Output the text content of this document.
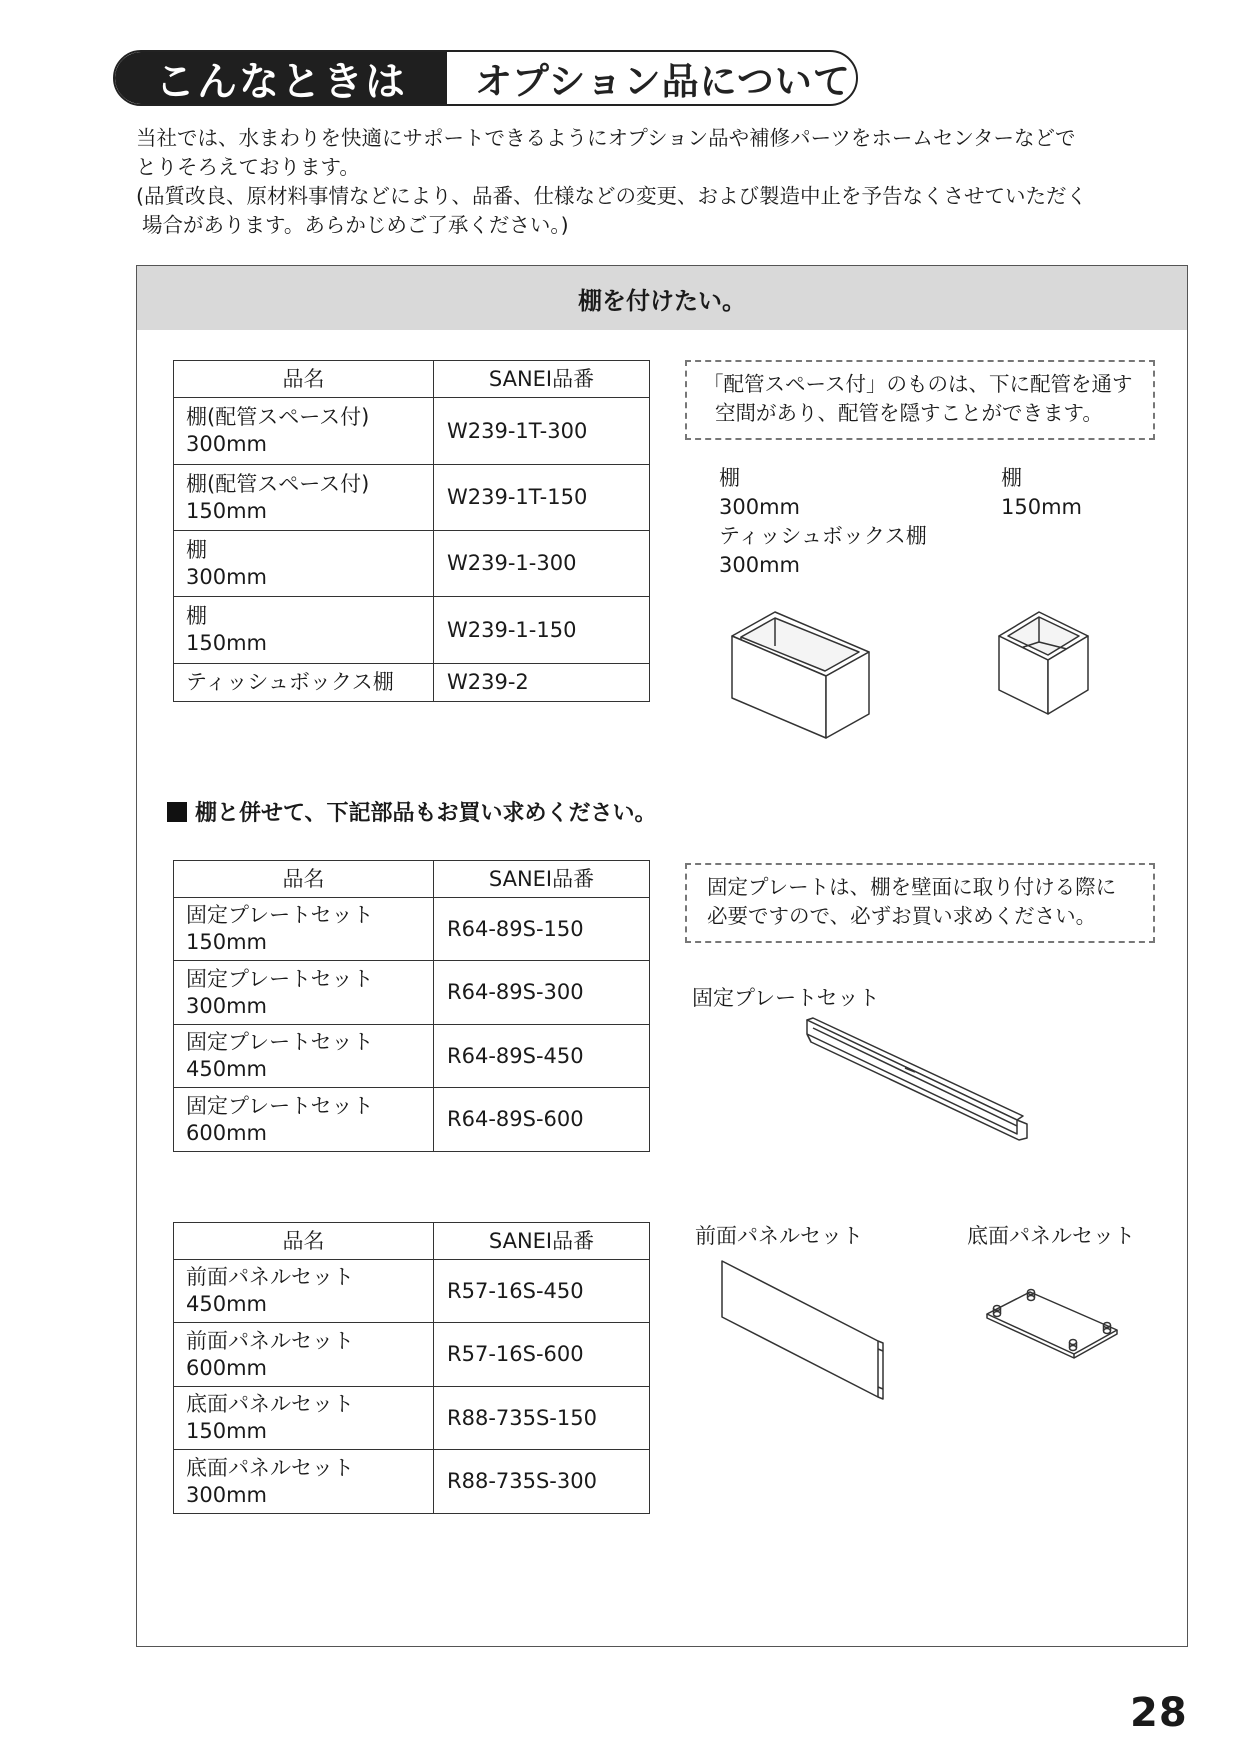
こんなときは	オプション品について

当社では、水まわりを快適にサポートできるようにオプション品や補修パーツをホームセンターなどで

とりそろえております。

(品質改良、原材料事情などにより、品番、仕様などの変更、および製造中止を予告なくさせていただく

場合があります。あらかじめご了承ください。)

棚を付けたい。
品名	SANEI品番
棚(配管スペース付)
300mm	W239-1T-300
棚(配管スペース付)
150mm	W239-1T-150
棚
300mm	W239-1-300
棚
150mm	W239-1-150
ティッシュボックス棚	W239-2
「配管スペース付」のものは、下に配管を通す
空間があり、配管を隠すことができます。
棚
300mm
ティッシュボックス棚
300mm
棚
150mm
棚と併せて、下記部品もお買い求めください。
品名	SANEI品番
固定プレートセット
150mm	R64-89S-150
固定プレートセット
300mm	R64-89S-300
固定プレートセット
450mm	R64-89S-450
固定プレートセット
600mm	R64-89S-600
固定プレートは、棚を壁面に取り付ける際に
必要ですので、必ずお買い求めください。
固定プレートセット
品名	SANEI品番
前面パネルセット
450mm	R57-16S-450
前面パネルセット
600mm	R57-16S-600
底面パネルセット
150mm	R88-735S-150
底面パネルセット
300mm	R88-735S-300
前面パネルセット	底面パネルセット
28
